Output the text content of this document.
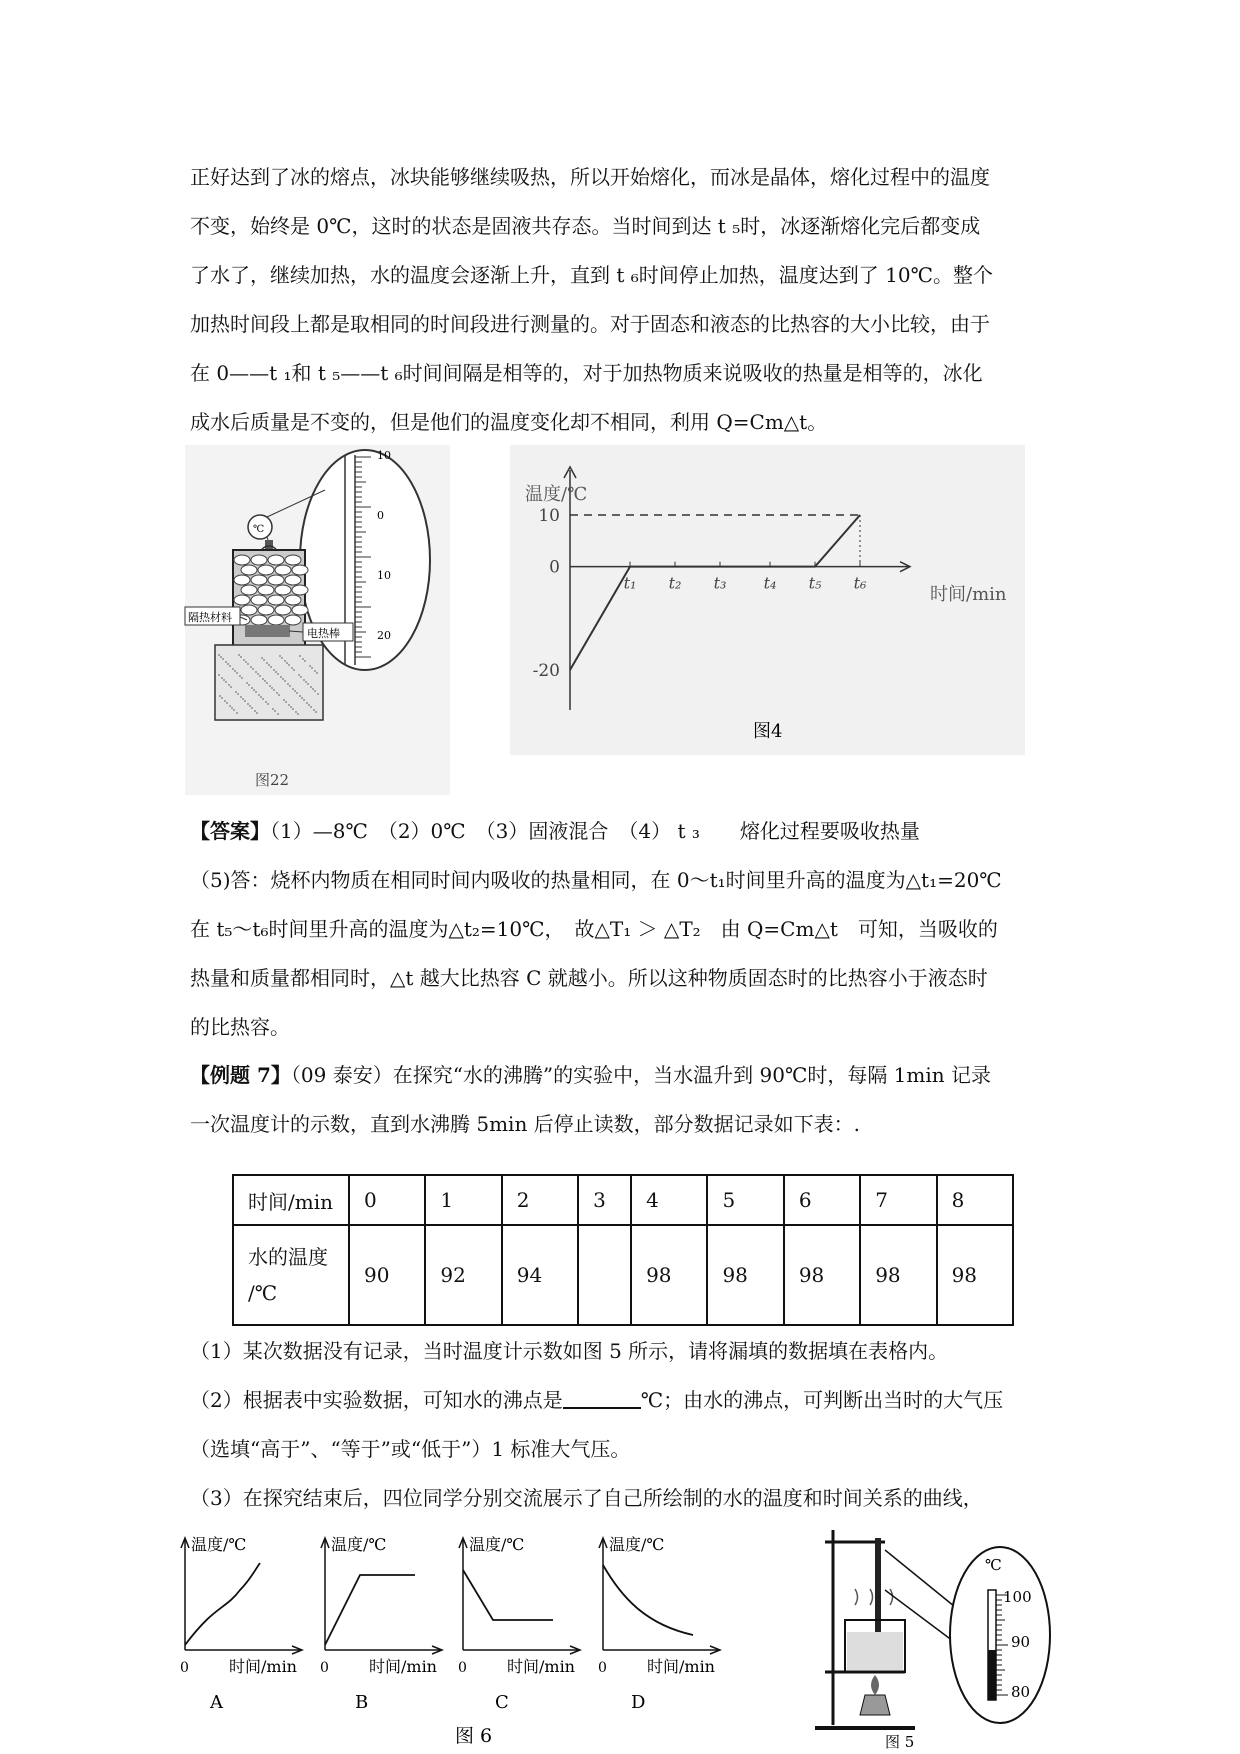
正好达到了冰的熔点，冰块能够继续吸热，所以开始熔化，而冰是晶体，熔化过程中的温度
不变，始终是 0℃，这时的状态是固液共存态。当时间到达 t ₅时，冰逐渐熔化完后都变成
了水了，继续加热，水的温度会逐渐上升，直到 t ₆时间停止加热，温度达到了 10℃。整个
加热时间段上都是取相同的时间段进行测量的。对于固态和液态的比热容的大小比较，由于
在 0——t ₁和 t ₅——t ₆时间间隔是相等的，对于加热物质来说吸收的热量是相等的，冰化
成水后质量是不变的，但是他们的温度变化却不相同，利用 Q=Cm△t。
10
0
10
20
℃
隔热材料
电热棒
图22
10
0
-20
t₁ t₂ t₃ t₄ t₅ t₆
温度/℃
时间/min
图4
【答案】（1）—8℃　（2）0℃　（3）固液混合　（4） t ₃　　熔化过程要吸收热量
（5)答：烧杯内物质在相同时间内吸收的热量相同，在 0～t₁时间里升高的温度为△t₁=20℃
在 t₅～t₆时间里升高的温度为△t₂=10℃，　故△T₁ ＞ △T₂　由 Q=Cm△t　可知，当吸收的
热量和质量都相同时，△t 越大比热容 C 就越小。所以这种物质固态时的比热容小于液态时
的比热容。
【例题 7】（09 泰安）在探究“水的沸腾”的实验中，当水温升到 90℃时，每隔 1min 记录
一次温度计的示数，直到水沸腾 5min 后停止读数，部分数据记录如下表：.
时间/min	0	1	2	3	4	5	6	7	8
水的温度
/℃	90	92	94		98	98	98	98	98
（1）某次数据没有记录，当时温度计示数如图 5 所示，请将漏填的数据填在表格内。
（2）根据表中实验数据，可知水的沸点是	℃；由水的沸点，可判断出当时的大气压
（选填“高于”、“等于”或“低于”）1 标准大气压。
（3）在探究结束后，四位同学分别交流展示了自己所绘制的水的温度和时间关系的曲线，
温度/℃
0	时间/min
A
温度/℃
0	时间/min
B
温度/℃
0	时间/min
C
温度/℃
0	时间/min
D
图 6
℃
100
90
80
图 5
